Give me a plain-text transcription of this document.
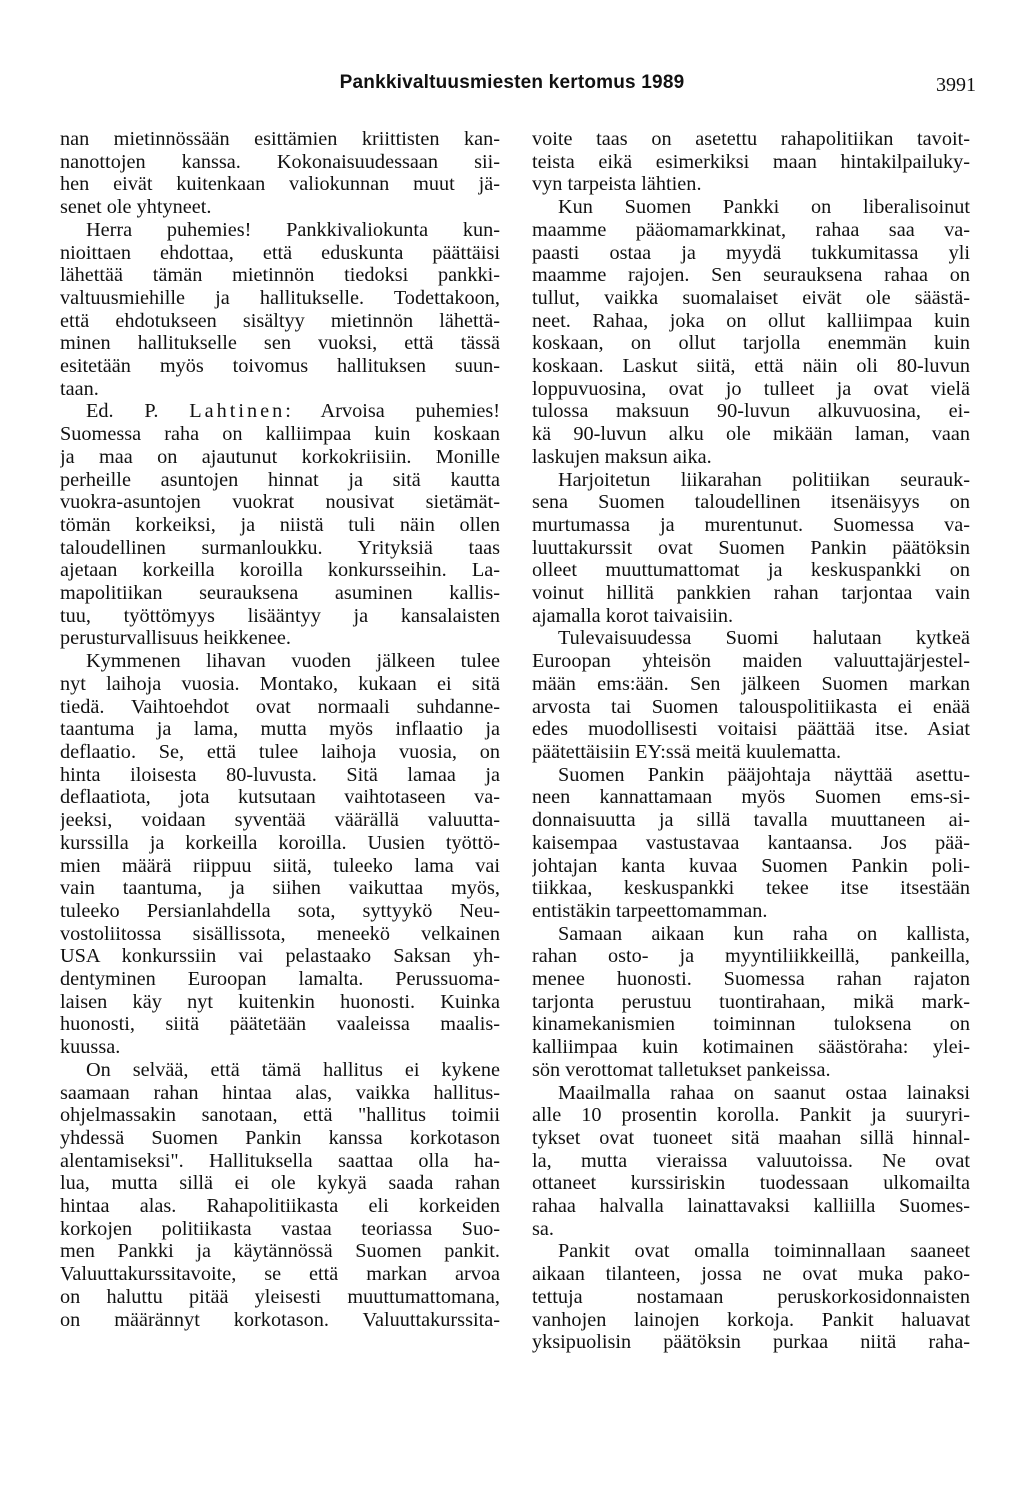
Pankkivaltuusmiesten kertomus 1989	3991
nan mietinnössään esittämien kriittisten kan-
nanottojen kanssa. Kokonaisuudessaan sii-
hen eivät kuitenkaan valiokunnan muut jä-
senet ole yhtyneet.
Herra puhemies! Pankkivaliokunta kun-
nioittaen ehdottaa, että eduskunta päättäisi
lähettää tämän mietinnön tiedoksi pankki-
valtuusmiehille ja hallitukselle. Todettakoon,
että ehdotukseen sisältyy mietinnön lähettä-
minen hallitukselle sen vuoksi, että tässä
esitetään myös toivomus hallituksen suun-
taan.
Ed. P. Lahtinen: Arvoisa puhemies!
Suomessa raha on kalliimpaa kuin koskaan
ja maa on ajautunut korkokriisiin. Monille
perheille asuntojen hinnat ja sitä kautta
vuokra-asuntojen vuokrat nousivat sietämät-
tömän korkeiksi, ja niistä tuli näin ollen
taloudellinen surmanloukku. Yrityksiä taas
ajetaan korkeilla koroilla konkursseihin. La-
mapolitiikan seurauksena asuminen kallis-
tuu, työttömyys lisääntyy ja kansalaisten
perusturvallisuus heikkenee.
Kymmenen lihavan vuoden jälkeen tulee
nyt laihoja vuosia. Montako, kukaan ei sitä
tiedä. Vaihtoehdot ovat normaali suhdanne-
taantuma ja lama, mutta myös inflaatio ja
deflaatio. Se, että tulee laihoja vuosia, on
hinta iloisesta 80-luvusta. Sitä lamaa ja
deflaatiota, jota kutsutaan vaihtotaseen va-
jeeksi, voidaan syventää väärällä valuutta-
kurssilla ja korkeilla koroilla. Uusien työttö-
mien määrä riippuu siitä, tuleeko lama vai
vain taantuma, ja siihen vaikuttaa myös,
tuleeko Persianlahdella sota, syttyykö Neu-
vostoliitossa sisällissota, meneekö velkainen
USA konkurssiin vai pelastaako Saksan yh-
dentyminen Euroopan lamalta. Perussuoma-
laisen käy nyt kuitenkin huonosti. Kuinka
huonosti, siitä päätetään vaaleissa maalis-
kuussa.
On selvää, että tämä hallitus ei kykene
saamaan rahan hintaa alas, vaikka hallitus-
ohjelmassakin sanotaan, että "hallitus toimii
yhdessä Suomen Pankin kanssa korkotason
alentamiseksi". Hallituksella saattaa olla ha-
lua, mutta sillä ei ole kykyä saada rahan
hintaa alas. Rahapolitiikasta eli korkeiden
korkojen politiikasta vastaa teoriassa Suo-
men Pankki ja käytännössä Suomen pankit.
Valuuttakurssitavoite, se että markan arvoa
on haluttu pitää yleisesti muuttumattomana,
on määrännyt korkotason. Valuuttakurssita-
voite taas on asetettu rahapolitiikan tavoit-
teista eikä esimerkiksi maan hintakilpailuky-
vyn tarpeista lähtien.
Kun Suomen Pankki on liberalisoinut
maamme pääomamarkkinat, rahaa saa va-
paasti ostaa ja myydä tukkumitassa yli
maamme rajojen. Sen seurauksena rahaa on
tullut, vaikka suomalaiset eivät ole säästä-
neet. Rahaa, joka on ollut kalliimpaa kuin
koskaan, on ollut tarjolla enemmän kuin
koskaan. Laskut siitä, että näin oli 80-luvun
loppuvuosina, ovat jo tulleet ja ovat vielä
tulossa maksuun 90-luvun alkuvuosina, ei-
kä 90-luvun alku ole mikään laman, vaan
laskujen maksun aika.
Harjoitetun liikarahan politiikan seurauk-
sena Suomen taloudellinen itsenäisyys on
murtumassa ja murentunut. Suomessa va-
luuttakurssit ovat Suomen Pankin päätöksin
olleet muuttumattomat ja keskuspankki on
voinut hillitä pankkien rahan tarjontaa vain
ajamalla korot taivaisiin.
Tulevaisuudessa Suomi halutaan kytkeä
Euroopan yhteisön maiden valuuttajärjestel-
mään ems:ään. Sen jälkeen Suomen markan
arvosta tai Suomen talouspolitiikasta ei enää
edes muodollisesti voitaisi päättää itse. Asiat
päätettäisiin EY:ssä meitä kuulematta.
Suomen Pankin pääjohtaja näyttää asettu-
neen kannattamaan myös Suomen ems-si-
donnaisuutta ja sillä tavalla muuttaneen ai-
kaisempaa vastustavaa kantaansa. Jos pää-
johtajan kanta kuvaa Suomen Pankin poli-
tiikkaa, keskuspankki tekee itse itsestään
entistäkin tarpeettomamman.
Samaan aikaan kun raha on kallista,
rahan osto- ja myyntiliikkeillä, pankeilla,
menee huonosti. Suomessa rahan rajaton
tarjonta perustuu tuontirahaan, mikä mark-
kinamekanismien toiminnan tuloksena on
kalliimpaa kuin kotimainen säästöraha: ylei-
sön verottomat talletukset pankeissa.
Maailmalla rahaa on saanut ostaa lainaksi
alle 10 prosentin korolla. Pankit ja suuryri-
tykset ovat tuoneet sitä maahan sillä hinnal-
la, mutta vieraissa valuutoissa. Ne ovat
ottaneet kurssiriskin tuodessaan ulkomailta
rahaa halvalla lainattavaksi kalliilla Suomes-
sa.
Pankit ovat omalla toiminnallaan saaneet
aikaan tilanteen, jossa ne ovat muka pako-
tettuja nostamaan peruskorkosidonnaisten
vanhojen lainojen korkoja. Pankit haluavat
yksipuolisin päätöksin purkaa niitä raha-
